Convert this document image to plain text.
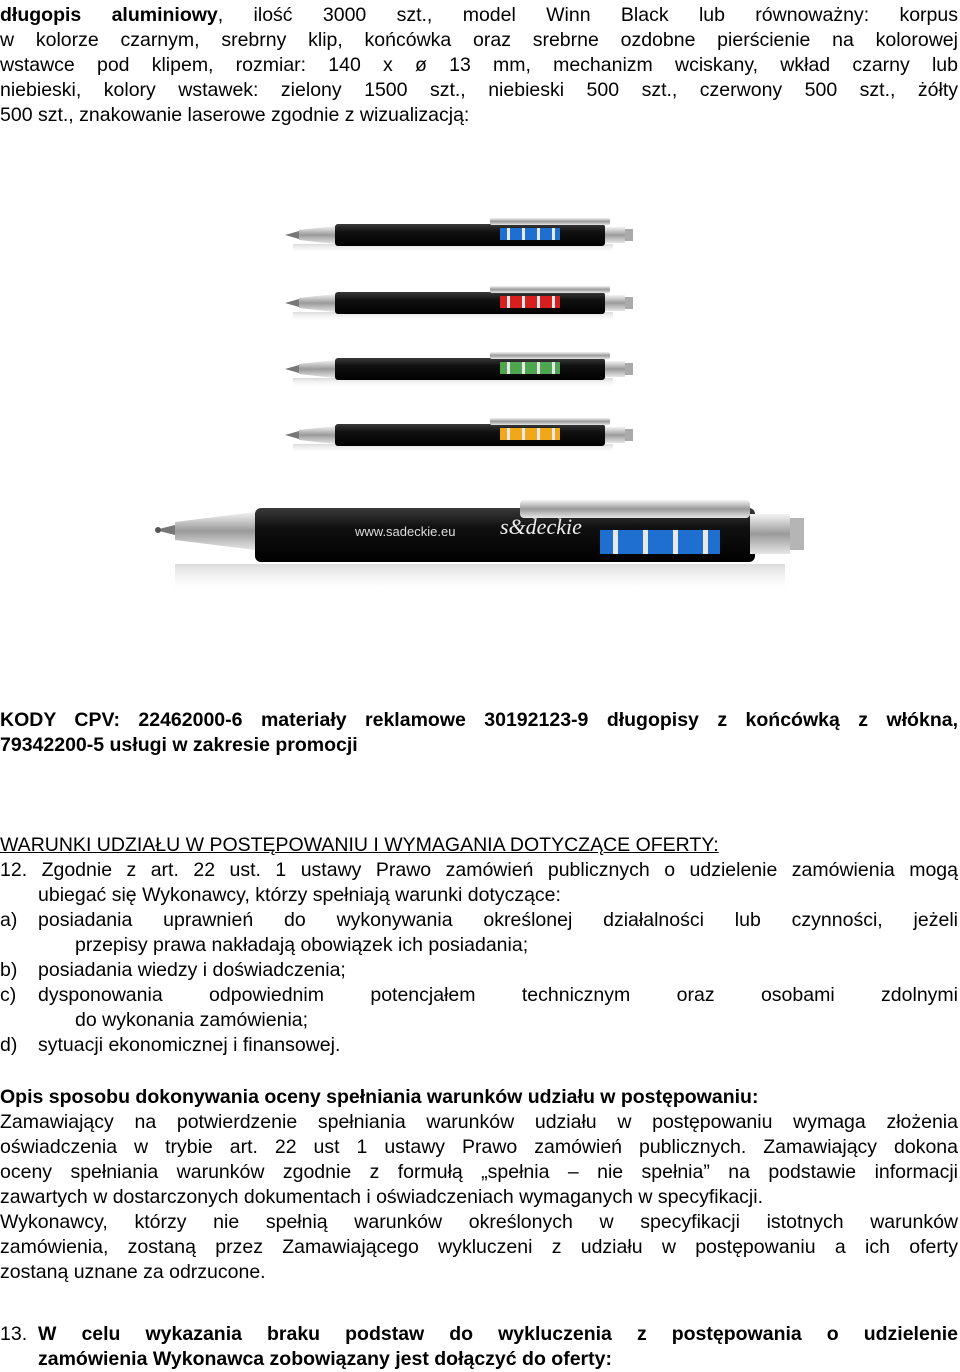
długopis aluminiowy, ilość 3000 szt., model Winn Black lub równoważny: korpus
w kolorze czarnym, srebrny klip, końcówka oraz srebrne ozdobne pierścienie na kolorowej
wstawce pod klipem, rozmiar: 140 x ø 13 mm, mechanizm wciskany, wkład czarny lub
niebieski, kolory wstawek: zielony 1500 szt., niebieski 500 szt., czerwony 500 szt., żółty
500 szt., znakowanie laserowe zgodnie z wizualizacją:
www.sadeckie.eu s&deckie
KODY CPV: 22462000-6 materiały reklamowe 30192123-9 długopisy z końcówką z włókna,
79342200-5 usługi w zakresie promocji
WARUNKI UDZIAŁU W POSTĘPOWANIU I WYMAGANIA DOTYCZĄCE OFERTY:
12. Zgodnie z art. 22 ust. 1 ustawy Prawo zamówień publicznych o udzielenie zamówienia mogą
ubiegać się Wykonawcy, którzy spełniają warunki dotyczące:
a) posiadania uprawnień do wykonywania określonej działalności lub czynności, jeżeli
przepisy prawa nakładają obowiązek ich posiadania;
b) posiadania wiedzy i doświadczenia;
c) dysponowania odpowiednim potencjałem technicznym oraz osobami zdolnymi
do wykonania zamówienia;
d) sytuacji ekonomicznej i finansowej.
Opis sposobu dokonywania oceny spełniania warunków udziału w postępowaniu:
Zamawiający na potwierdzenie spełniania warunków udziału w postępowaniu wymaga złożenia
oświadczenia w trybie art. 22 ust 1 ustawy Prawo zamówień publicznych. Zamawiający dokona
oceny spełniania warunków zgodnie z formułą „spełnia – nie spełnia” na podstawie informacji
zawartych w dostarczonych dokumentach i oświadczeniach wymaganych w specyfikacji.
Wykonawcy, którzy nie spełnią warunków określonych w specyfikacji istotnych warunków
zamówienia, zostaną przez Zamawiającego wykluczeni z udziału w postępowaniu a ich oferty
zostaną uznane za odrzucone.
13. W celu wykazania braku podstaw do wykluczenia z postępowania o udzielenie
zamówienia Wykonawca zobowiązany jest dołączyć do oferty:
